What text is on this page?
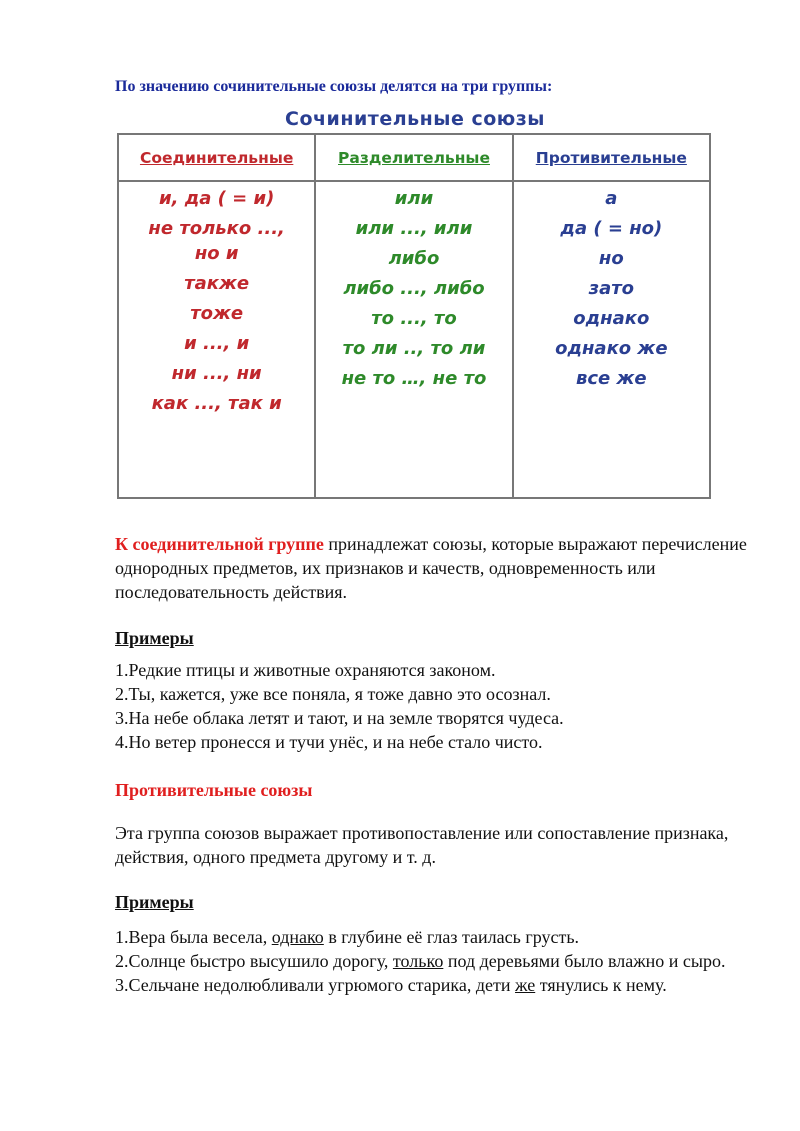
По значению сочинительные союзы делятся на три группы:
Сочинительные союзы
Соединительные
и, да ( = и)
не только ..., но и
также
тоже
и ..., и
ни ..., ни
как ..., так и
Разделительные
или
или ..., или
либо
либо ..., либо
то ..., то
то ли .., то ли
не то …, не то
Противительные
а
да ( = но)
но
зато
однако
однако же
все же
К соединительной группе принадлежат союзы, которые выражают перечисление однородных предметов, их признаков и качеств, одновременность или последовательность действия.
Примеры
1.Редкие птицы и животные охраняются законом.
2.Ты, кажется, уже все поняла, я тоже давно это осознал.
3.На небе облака летят и тают, и на земле творятся чудеса.
4.Но ветер пронесся и тучи унёс, и на небе стало чисто.
Противительные союзы
Эта группа союзов выражает противопоставление или сопоставление признака, действия, одного предмета другому и т. д.
Примеры
1.Вера была весела, однако в глубине её глаз таилась грусть.
2.Солнце быстро высушило дорогу, только под деревьями было влажно и сыро.
3.Сельчане недолюбливали угрюмого старика, дети же тянулись к нему.
